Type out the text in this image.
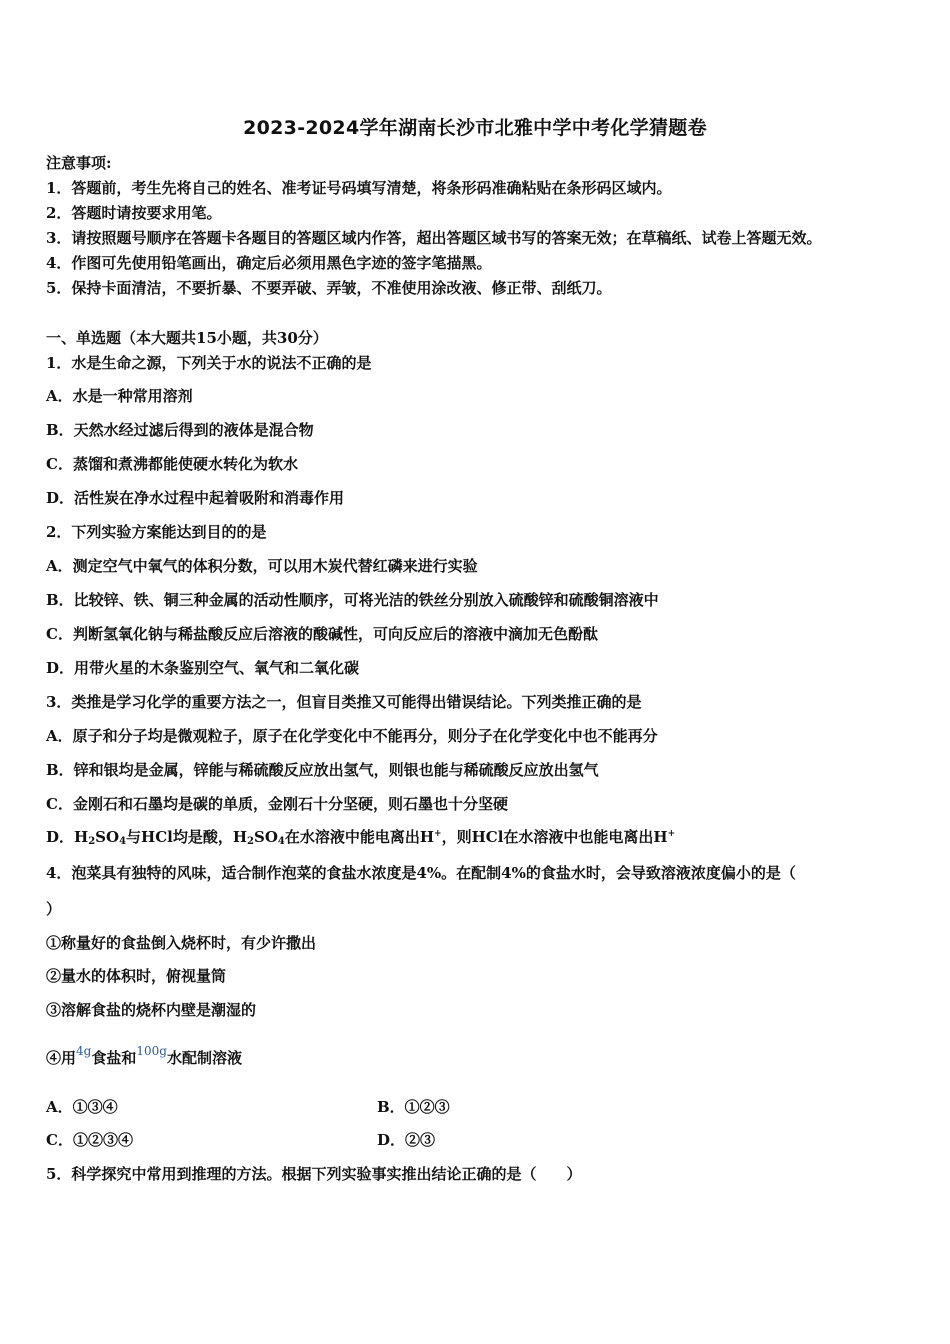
2023-2024学年湖南长沙市北雅中学中考化学猜题卷
注意事项:
1．答题前，考生先将自己的姓名、准考证号码填写清楚，将条形码准确粘贴在条形码区域内。
2．答题时请按要求用笔。
3．请按照题号顺序在答题卡各题目的答题区域内作答，超出答题区域书写的答案无效；在草稿纸、试卷上答题无效。
4．作图可先使用铅笔画出，确定后必须用黑色字迹的签字笔描黑。
5．保持卡面清洁，不要折暴、不要弄破、弄皱，不准使用涂改液、修正带、刮纸刀。
一、单选题（本大题共15小题，共30分）
1．水是生命之源，下列关于水的说法不正确的是
A．水是一种常用溶剂
B．天然水经过滤后得到的液体是混合物
C．蒸馏和煮沸都能使硬水转化为软水
D．活性炭在净水过程中起着吸附和消毒作用
2．下列实验方案能达到目的的是
A．测定空气中氧气的体积分数，可以用木炭代替红磷来进行实验
B．比较锌、铁、铜三种金属的活动性顺序，可将光洁的铁丝分别放入硫酸锌和硫酸铜溶液中
C．判断氢氧化钠与稀盐酸反应后溶液的酸碱性，可向反应后的溶液中滴加无色酚酞
D．用带火星的木条鉴别空气、氧气和二氧化碳
3．类推是学习化学的重要方法之一，但盲目类推又可能得出错误结论。下列类推正确的是
A．原子和分子均是微观粒子，原子在化学变化中不能再分，则分子在化学变化中也不能再分
B．锌和银均是金属，锌能与稀硫酸反应放出氢气，则银也能与稀硫酸反应放出氢气
C．金刚石和石墨均是碳的单质，金刚石十分坚硬，则石墨也十分坚硬
D．$H_2SO_4$与HCl均是酸，$H_2SO_4$在水溶液中能电离出H+，则HCl在水溶液中也能电离出H+
4．泡菜具有独特的风味，适合制作泡菜的食盐水浓度是4%。在配制4%的食盐水时，会导致溶液浓度偏小的是（
）
①称量好的食盐倒入烧杯时，有少许撒出
②量水的体积时，俯视量筒
③溶解食盐的烧杯内壁是潮湿的
④用$^{4g}$食盐和$^{100g}$水配制溶液
A．①③④	B．①②③
C．①②③④	D．②③
5．科学探究中常用到推理的方法。根据下列实验事实推出结论正确的是（　　）
